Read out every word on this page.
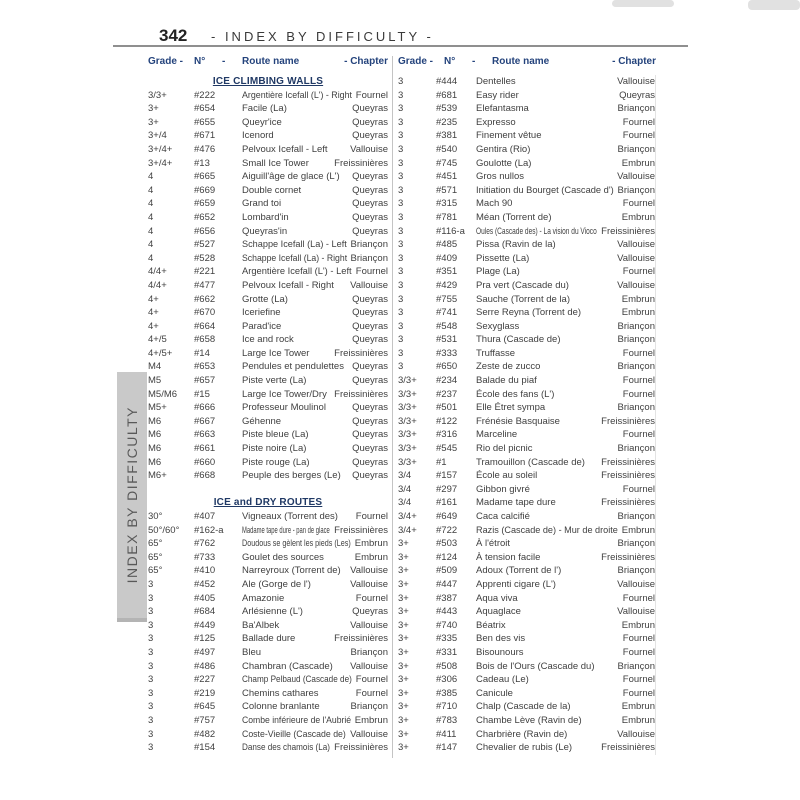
342 - INDEX BY DIFFICULTY -
Grade -	N°	-	Route name	- Chapter Grade -	N°	-	Route name	- Chapter
ICE CLIMBING WALLS
3/3+	#222	Argentière Icefall (L') - Right Fournel
3+	#654	Facile (La)	Queyras
3+	#655	Queyr'ice	Queyras
3+/4	#671	Icenord	Queyras
3+/4+	#476	Pelvoux Icefall - Left	Vallouise
3+/4+	#13	Small Ice Tower	Freissinières
4	#665	Aiguill'âge de glace (L')	Queyras
4	#669	Double cornet	Queyras
4	#659	Grand toi	Queyras
4	#652	Lombard'in	Queyras
4	#656	Queyras'in	Queyras
4	#527	Schappe Icefall (La) - Left Briançon
4	#528	Schappe Icefall (La) - Right Briançon
4/4+	#221	Argentière Icefall (L') - Left Fournel
4/4+	#477	Pelvoux Icefall - Right	Vallouise
4+	#662	Grotte (La)	Queyras
4+	#670	Iceriefine	Queyras
4+	#664	Parad'ice	Queyras
4+/5	#658	Ice and rock	Queyras
4+/5+	#14	Large Ice Tower	Freissinières
M4	#653	Pendules et pendulettes Queyras
M5	#657	Piste verte (La)	Queyras
M5/M6	#15	Large Ice Tower/Dry Freissinières
M5+	#666	Professeur Moulinol	Queyras
M6	#667	Géhenne	Queyras
M6	#663	Piste bleue (La)	Queyras
M6	#661	Piste noire (La)	Queyras
M6	#660	Piste rouge (La)	Queyras
M6+	#668	Peuple des berges (Le)	Queyras
ICE and DRY ROUTES
30°	#407	Vigneaux (Torrent des)	Fournel
50°/60°	#162-a	Madame tape dure - pan de glace Freissinières
65°	#762	Doudous se gèlent les pieds (Les) Embrun
65°	#733	Goulet des sources	Embrun
65°	#410	Narreyroux (Torrent de) Vallouise
3	#452	Ale (Gorge de l')	Vallouise
3	#405	Amazonie	Fournel
3	#684	Arlésienne (L')	Queyras
3	#449	Ba'Albek	Vallouise
3	#125	Ballade dure	Freissinières
3	#497	Bleu	Briançon
3	#486	Chambran (Cascade)	Vallouise
3	#227	Champ Pelbaud (Cascade de) Fournel
3	#219	Chemins cathares	Fournel
3	#645	Colonne branlante	Briançon
3	#757	Combe inférieure de l'Aubrié Embrun
3	#482	Coste-Vieille (Cascade de) Vallouise
3	#154	Danse des chamois (La) Freissinières
3	#444	Dentelles	Vallouise
3	#681	Easy rider	Queyras
3	#539	Elefantasma	Briançon
3	#235	Expresso	Fournel
3	#381	Finement vêtue	Fournel
3	#540	Gentira (Rio)	Briançon
3	#745	Goulotte (La)	Embrun
3	#451	Gros nullos	Vallouise
3	#571	Initiation du Bourget (Cascade d') Briançon
3	#315	Mach 90	Fournel
3	#781	Méan (Torrent de)	Embrun
3	#116-a	Oules (Cascade des) - La vision du Vioco Freissinières
3	#485	Pissa (Ravin de la)	Vallouise
3	#409	Pissette (La)	Vallouise
3	#351	Plage (La)	Fournel
3	#429	Pra vert (Cascade du)	Vallouise
3	#755	Sauche (Torrent de la)	Embrun
3	#741	Serre Reyna (Torrent de)	Embrun
3	#548	Sexyglass	Briançon
3	#531	Thura (Cascade de)	Briançon
3	#333	Truffasse	Fournel
3	#650	Zeste de zucco	Briançon
3/3+	#234	Balade du piaf	Fournel
3/3+	#237	École des fans (L')	Fournel
3/3+	#501	Elle Étret sympa	Briançon
3/3+	#122	Frénésie Basquaise	Freissinières
3/3+	#316	Marceline	Fournel
3/3+	#545	Rio del picnic	Briançon
3/3+	#1	Tramouillon (Cascade de)	Freissinières
3/4	#157	École au soleil	Freissinières
3/4	#297	Gibbon givré	Fournel
3/4	#161	Madame tape dure	Freissinières
3/4+	#649	Caca calcifié	Briançon
3/4+	#722	Razis (Cascade de) - Mur de droite Embrun
3+	#503	À l'étroit	Briançon
3+	#124	À tension facile	Freissinières
3+	#509	Adoux (Torrent de l')	Briançon
3+	#447	Apprenti cigare (L')	Vallouise
3+	#387	Aqua viva	Fournel
3+	#443	Aquaglace	Vallouise
3+	#740	Béatrix	Embrun
3+	#335	Ben des vis	Fournel
3+	#331	Bisounours	Fournel
3+	#508	Bois de l'Ours (Cascade du)	Briançon
3+	#306	Cadeau (Le)	Fournel
3+	#385	Canicule	Fournel
3+	#710	Chalp (Cascade de la)	Embrun
3+	#783	Chambe Lève (Ravin de)	Embrun
3+	#411	Charbrière (Ravin de)	Vallouise
3+	#147	Chevalier de rubis (Le)	Freissinières
INDEX BY DIFFICULTY
